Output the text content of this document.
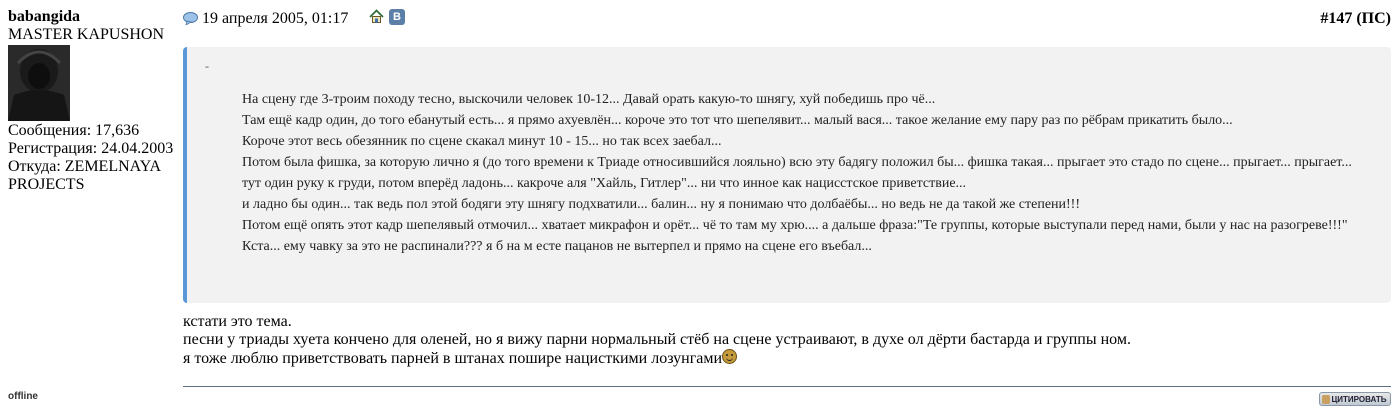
babangida
MASTER KAPUSHON
Сообщения: 17,636
Регистрация: 24.04.2003
Откуда: ZEMELNAYA PROJECTS
offline
19 апреля 2005, 01:17	В	#147 (ПС)
-
На сцену где 3-троим походу тесно, выскочили человек 10-12... Давай орать какую-то шнягу, хуй победишь про чё...
Там ещё кадр один, до того ебанутый есть... я прямо ахуевлён... короче это тот что шепелявит... малый вася... такое желание ему пару раз по рёбрам прикатить было...
Короче этот весь обезянник по сцене скакал минут 10 - 15... но так всех заебал...
Потом была фишка, за которую лично я (до того времени к Триаде относившийся лояльно) всю эту бадягу положил бы... фишка такая... прыгает это стадо по сцене... прыгает... прыгает... тут один руку к груди, потом вперёд ладонь... какроче аля "Хайль, Гитлер"... ни что инное как нацисстское приветствие...
и ладно бы один... так ведь пол этой бодяги эту шнягу подхватили... балин... ну я понимаю что долбаёбы... но ведь не да такой же степени!!!
Потом ещё опять этот кадр шепелявый отмочил... хватает микрафон и орёт... чё то там му хрю.... а дальше фраза:"Те группы, которые выступали перед нами, были у нас на разогреве!!!"
Кста... ему чавку за это не распинали??? я б на м есте пацанов не вытерпел и прямо на сцене его въебал...
кстати это тема.
песни у триады хуета кончено для оленей, но я вижу парни нормальный стёб на сцене устраивают, в духе ол дёрти бастарда и группы ном.
я тоже люблю приветствовать парней в штанах пошире нацисткими лозунгами
ЦИТИРОВАТЬ
